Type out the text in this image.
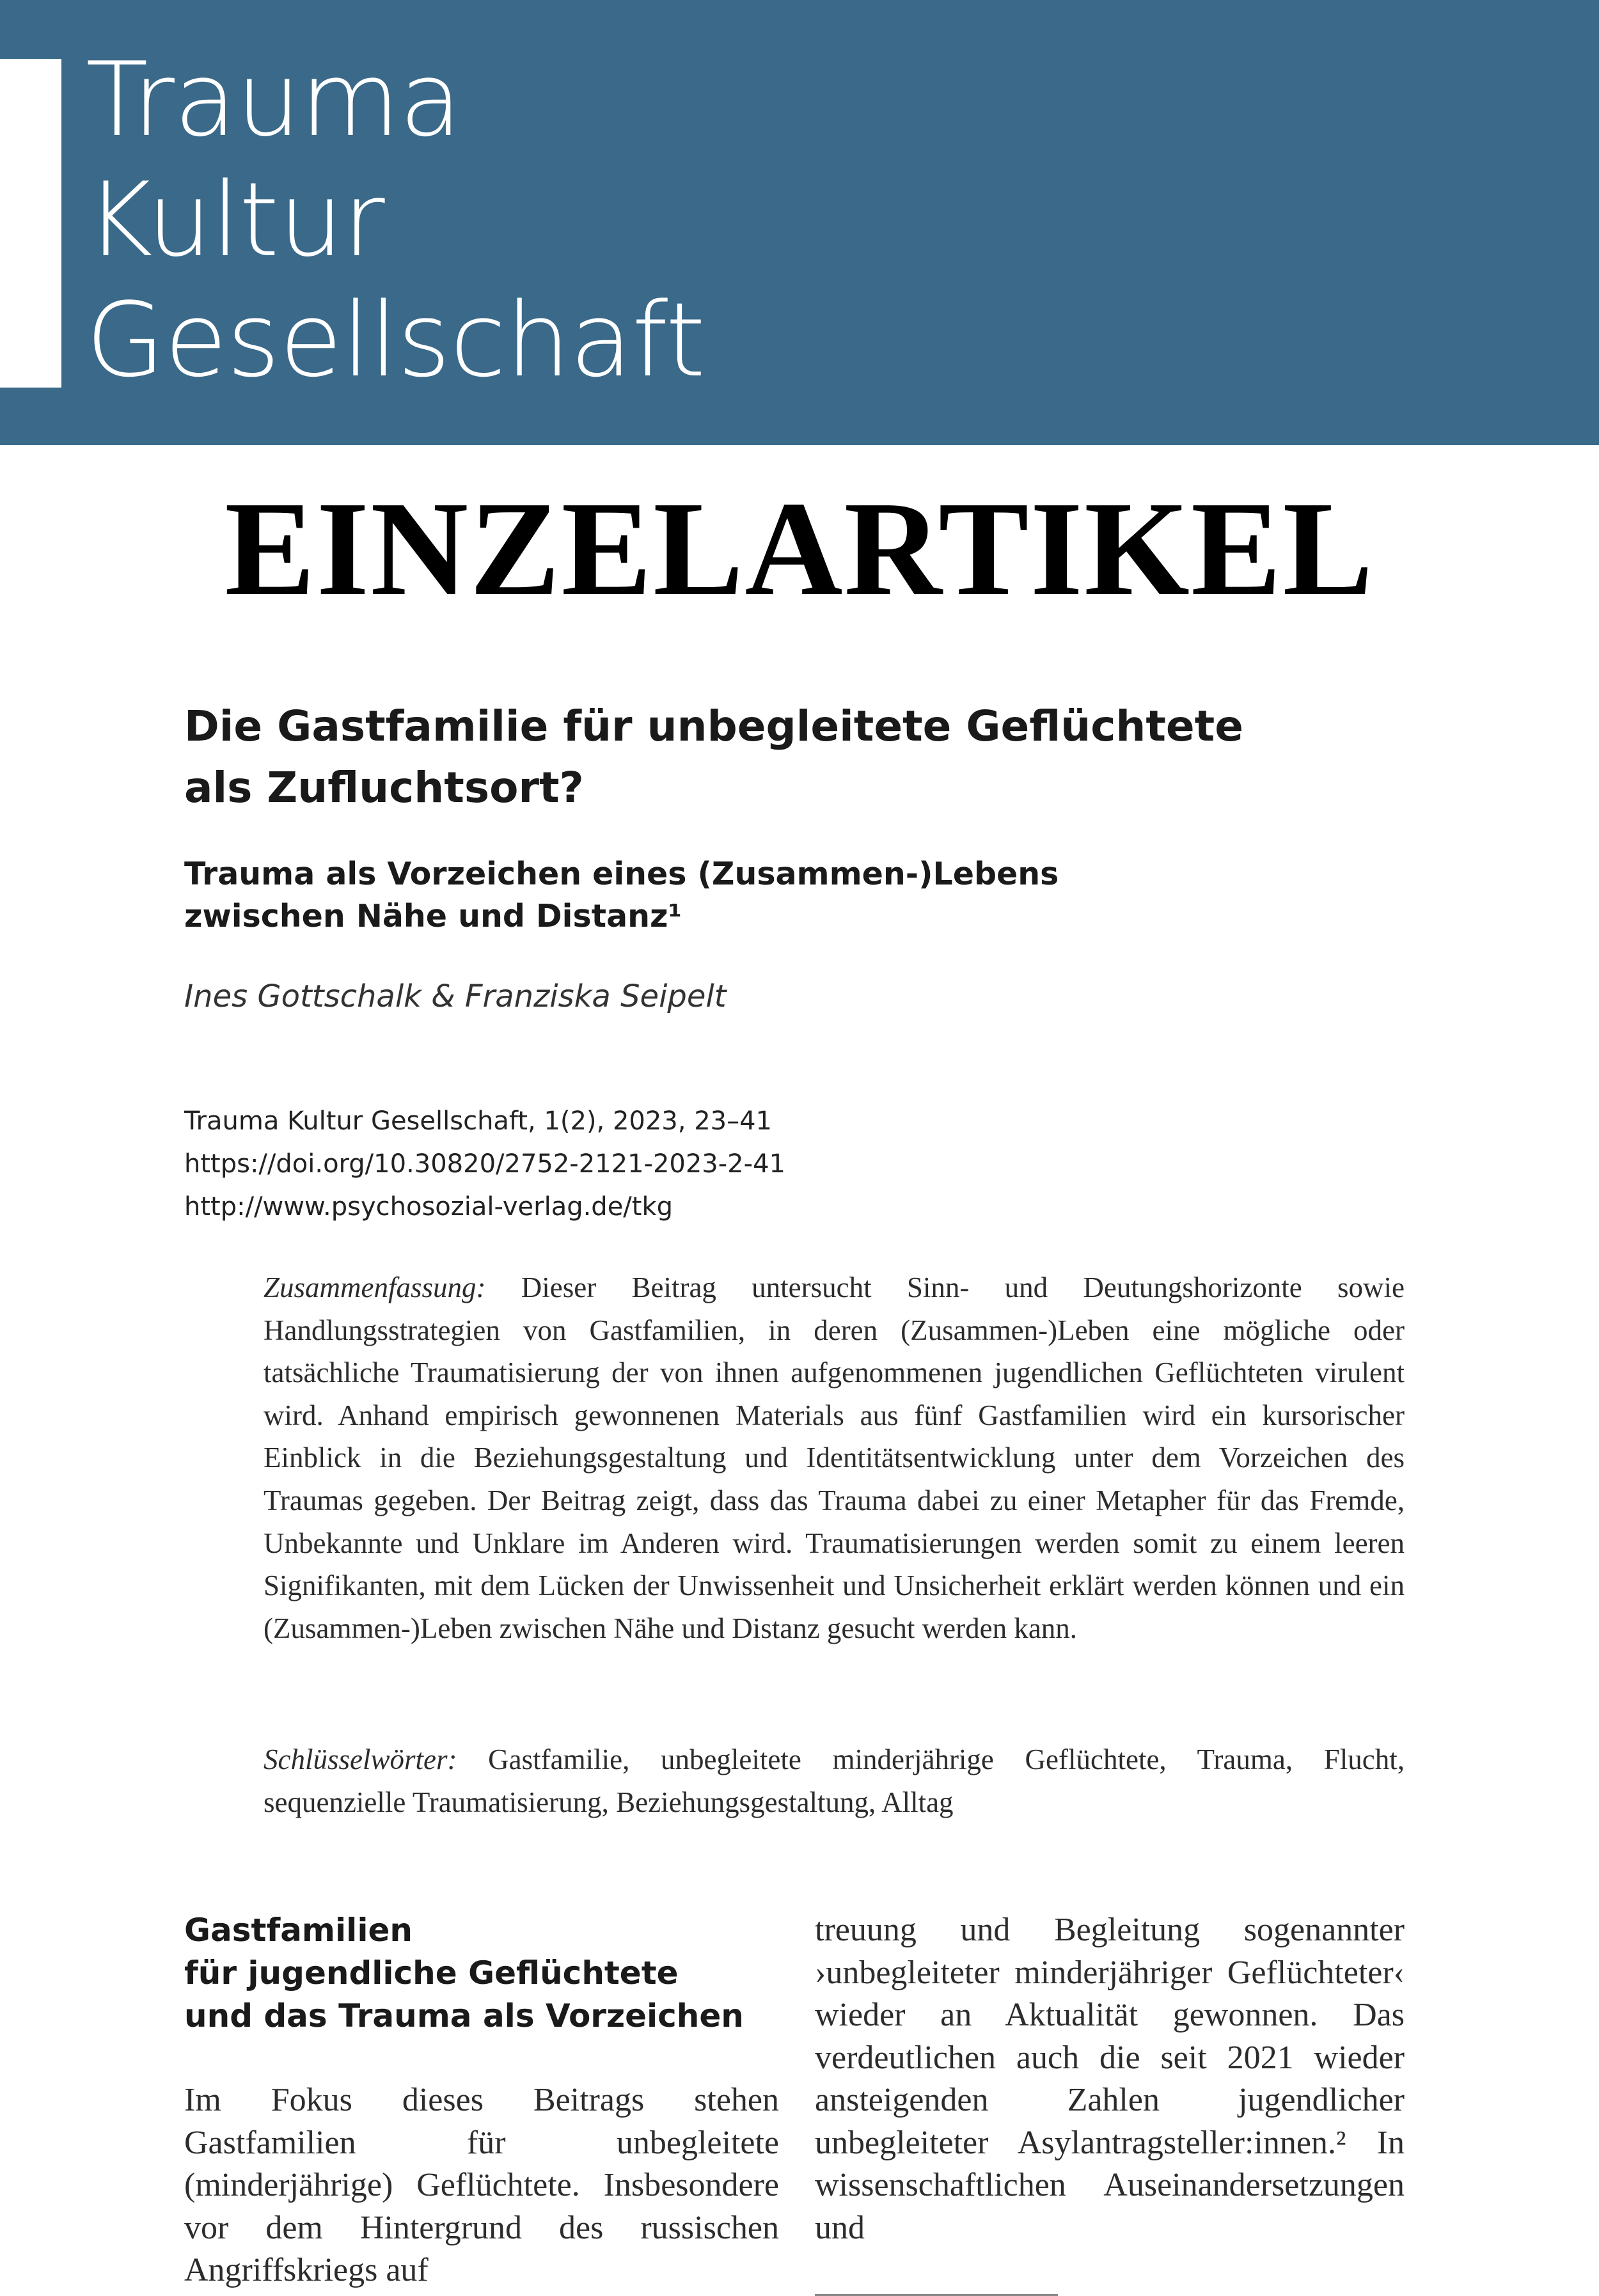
Trauma
Kultur
Gesellschaft
EINZELARTIKEL
Die Gastfamilie für unbegleitete Geflüchtete
als Zufluchtsort?
Trauma als Vorzeichen eines (Zusammen-)Lebens
zwischen Nähe und Distanz¹
Ines Gottschalk & Franziska Seipelt
Trauma Kultur Gesellschaft, 1(2), 2023, 23–41
https://doi.org/10.30820/2752-2121-2023-2-41
http://www.psychosozial-verlag.de/tkg

Zusammenfassung: Dieser Beitrag untersucht Sinn- und Deutungshorizonte sowie Handlungsstrategien von Gastfamilien, in deren (Zusammen-)Leben eine mögliche oder tatsächliche Traumatisierung der von ihnen aufgenommenen jugendlichen Geflüchteten virulent wird. Anhand empirisch gewonnenen Materials aus fünf Gastfamilien wird ein kursorischer Einblick in die Beziehungsgestaltung und Identitätsentwicklung unter dem Vorzeichen des Traumas gegeben. Der Beitrag zeigt, dass das Trauma dabei zu einer Metapher für das Fremde, Unbekannte und Unklare im Anderen wird. Traumatisierungen werden somit zu einem leeren Signifikanten, mit dem Lücken der Unwissenheit und Unsicherheit erklärt werden können und ein (Zusammen-)Leben zwischen Nähe und Distanz gesucht werden kann.

Schlüsselwörter: Gastfamilie, unbegleitete minderjährige Geflüchtete, Trauma, Flucht, sequenzielle Traumatisierung, Beziehungsgestaltung, Alltag

Gastfamilien
für jugendliche Geflüchtete
und das Trauma als Vorzeichen

Im Fokus dieses Beitrags stehen Gastfamilien für unbegleitete (minderjährige) Geflüchtete. Insbesondere vor dem Hintergrund des russischen Angriffskriegs auf

treuung und Begleitung sogenannter ›unbegleiteter minderjähriger Geflüchteter‹ wieder an Aktualität gewonnen. Das verdeutlichen auch die seit 2021 wieder ansteigenden Zahlen jugendlicher unbegleiteter Asylantragsteller:innen.² In wissenschaftlichen Auseinandersetzungen und
